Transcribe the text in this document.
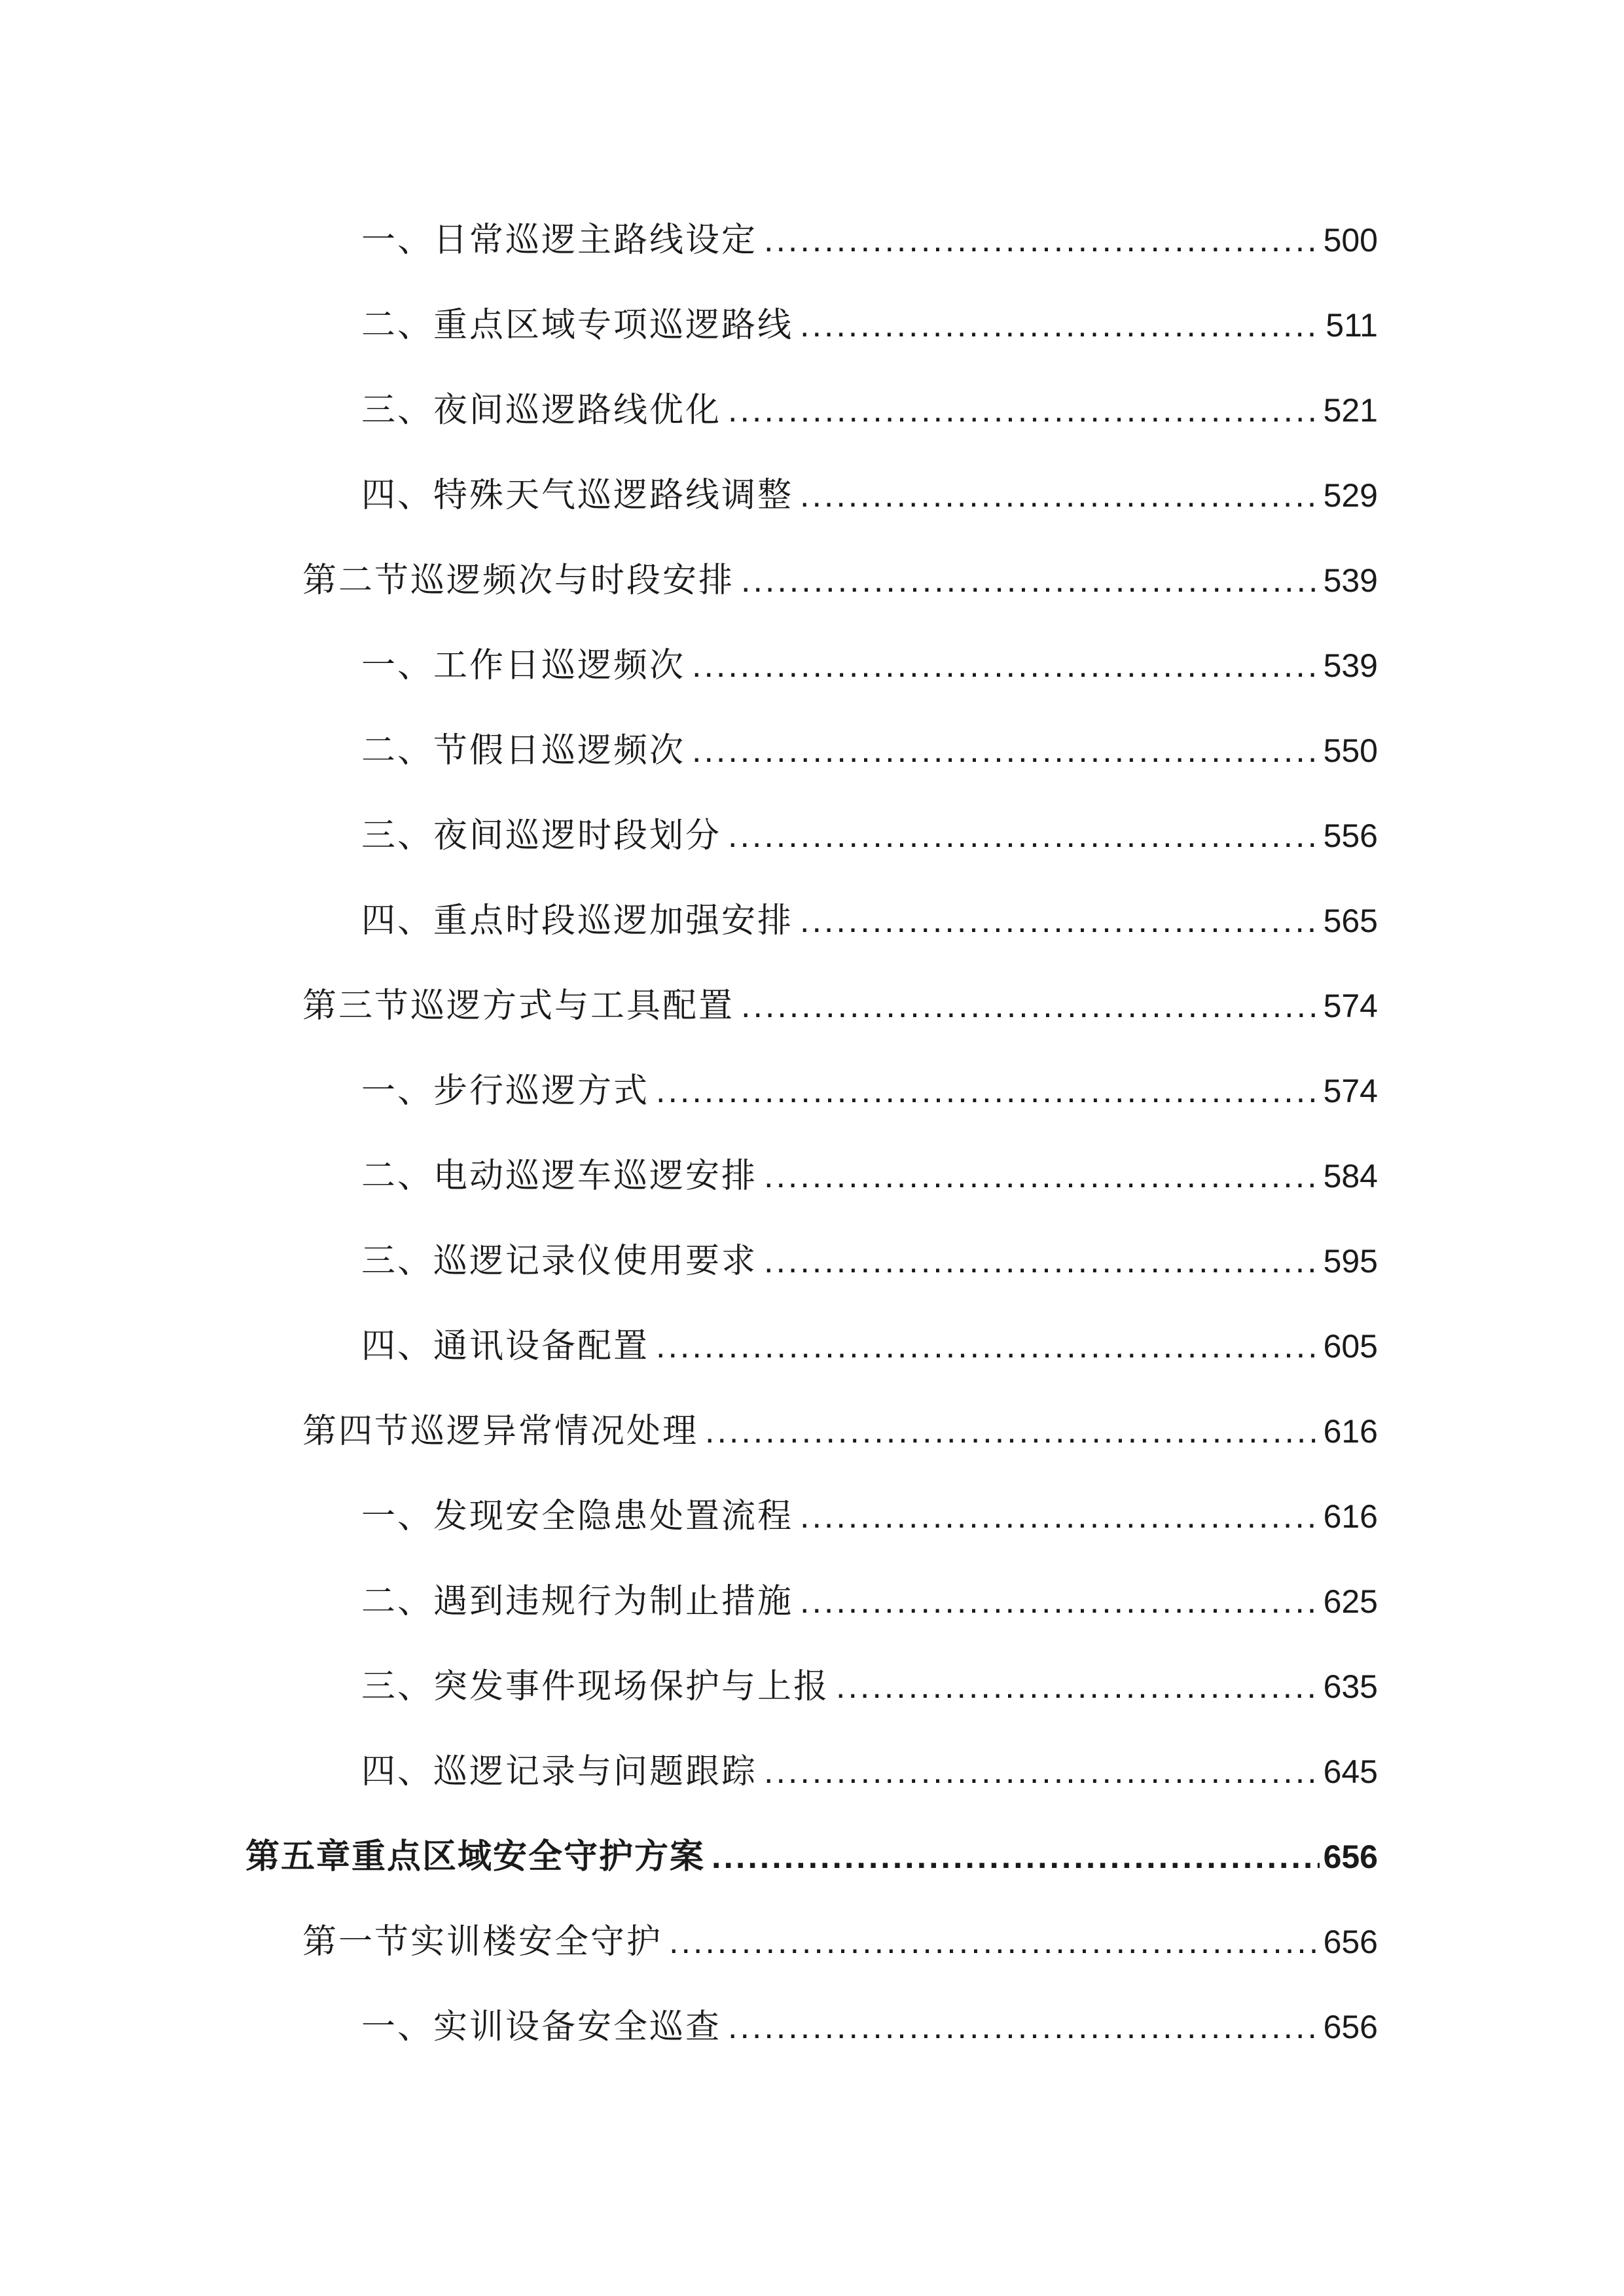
一、日常巡逻主路线设定 .....	500
二、重点区域专项巡逻路线 .....	511
三、夜间巡逻路线优化 .....	521
四、特殊天气巡逻路线调整 .....	529
第二节巡逻频次与时段安排 .....	539
一、工作日巡逻频次 .....	539
二、节假日巡逻频次 .....	550
三、夜间巡逻时段划分 .....	556
四、重点时段巡逻加强安排 .....	565
第三节巡逻方式与工具配置 .....	574
一、步行巡逻方式 .....	574
二、电动巡逻车巡逻安排 .....	584
三、巡逻记录仪使用要求 .....	595
四、通讯设备配置 .....	605
第四节巡逻异常情况处理 .....	616
一、发现安全隐患处置流程 .....	616
二、遇到违规行为制止措施 .....	625
三、突发事件现场保护与上报 .....	635
四、巡逻记录与问题跟踪 .....	645
第五章重点区域安全守护方案 .....	656
第一节实训楼安全守护 .....	656
一、实训设备安全巡查 .....	656
